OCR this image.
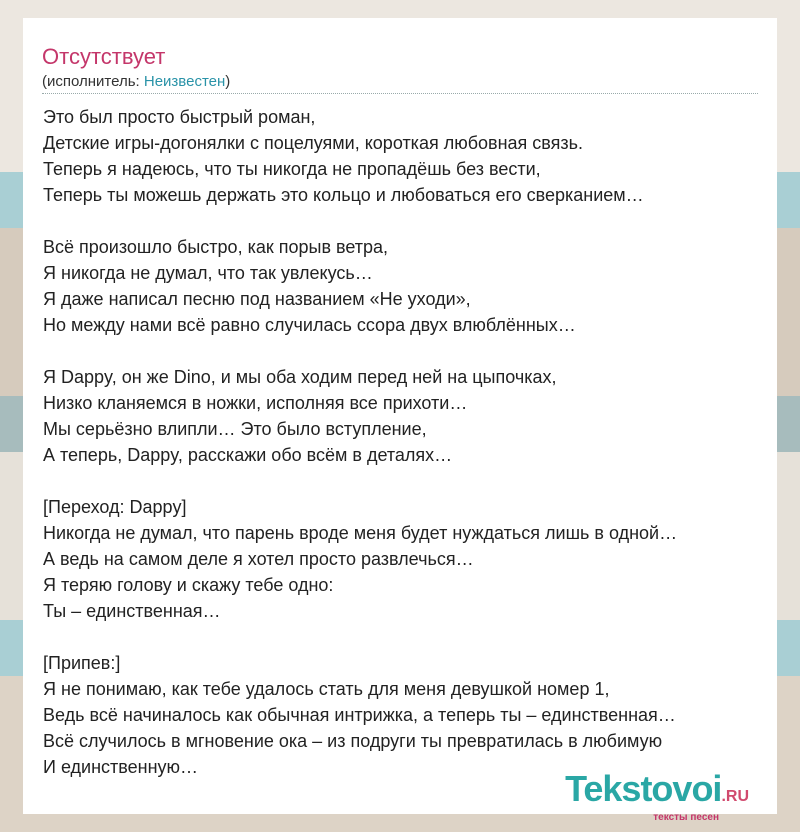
Отсутствует
(исполнитель: Неизвестен)
Это был просто быстрый роман,
Детские игры-догонялки с поцелуями, короткая любовная связь.
Теперь я надеюсь, что ты никогда не пропадёшь без вести,
Теперь ты можешь держать это кольцо и любоваться его сверканием…
Всё произошло быстро, как порыв ветра,
Я никогда не думал, что так увлекусь…
Я даже написал песню под названием «Не уходи»,
Но между нами всё равно случилась ссора двух влюблённых…
Я Dappy, он же Dino, и мы оба ходим перед ней на цыпочках,
Низко кланяемся в ножки, исполняя все прихоти…
Мы серьёзно влипли… Это было вступление,
А теперь, Dappy, расскажи обо всём в деталях…
[Переход: Dappy]
Никогда не думал, что парень вроде меня будет нуждаться лишь в одной…
А ведь на самом деле я хотел просто развлечься…
Я теряю голову и скажу тебе одно:
Ты – единственная…
[Припев:]
Я не понимаю, как тебе удалось стать для меня девушкой номер 1,
Ведь всё начиналось как обычная интрижка, а теперь ты – единственная…
Всё случилось в мгновение ока – из подруги ты превратилась в любимую
И единственную…
Tekstovoi.RU
тексты песен
